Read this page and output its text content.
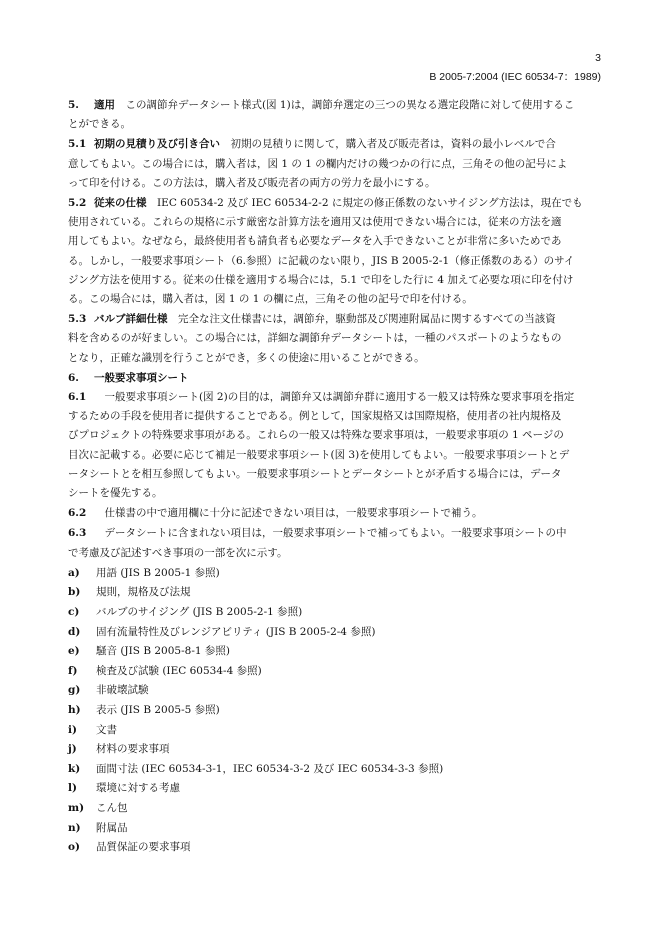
3
B 2005-7:2004 (IEC 60534-7：1989)
5. 適用　 この調節弁データシート様式(図 1)は，調節弁選定の三つの異なる選定段階に対して使用するこ
とができる。
5.1 初期の見積り及び引き合い　 初期の見積りに関して，購入者及び販売者は，資料の最小レベルで合
意してもよい。この場合には，購入者は，図 1 の 1 の欄内だけの幾つかの行に点，三角その他の記号によ
って印を付ける。この方法は，購入者及び販売者の両方の労力を最小にする。
5.2 従来の仕様　 IEC 60534-2 及び IEC 60534-2-2 に規定の修正係数のないサイジング方法は，現在でも
使用されている。これらの規格に示す厳密な計算方法を適用又は使用できない場合には，従来の方法を適
用してもよい。なぜなら，最終使用者も請負者も必要なデータを入手できないことが非常に多いためであ
る。しかし，一般要求事項シート（6.参照）に記載のない限り，JIS B 2005-2-1（修正係数のある）のサイ
ジング方法を使用する。従来の仕様を適用する場合には，5.1 で印をした行に 4 加えて必要な項に印を付け
る。この場合には，購入者は，図 1 の 1 の欄に点，三角その他の記号で印を付ける。
5.3 バルブ詳細仕様　 完全な注文仕様書には，調節弁，駆動部及び関連附属品に関するすべての当該資
料を含めるのが好ましい。この場合には，詳細な調節弁データシートは，一種のパスポートのようなもの
となり，正確な識別を行うことができ，多くの使途に用いることができる。
6. 一般要求事項シート
6.1　 一般要求事項シート(図 2)の目的は，調節弁又は調節弁群に適用する一般又は特殊な要求事項を指定
するための手段を使用者に提供することである。例として，国家規格又は国際規格，使用者の社内規格及
びプロジェクトの特殊要求事項がある。これらの一般又は特殊な要求事項は，一般要求事項の 1 ページの
目次に記載する。必要に応じて補足一般要求事項シート(図 3)を使用してもよい。一般要求事項シートとデ
ータシートとを相互参照してもよい。一般要求事項シートとデータシートとが矛盾する場合には，データ
シートを優先する。
6.2　 仕様書の中で適用欄に十分に記述できない項目は，一般要求事項シートで補う。
6.3　 データシートに含まれない項目は，一般要求事項シートで補ってもよい。一般要求事項シートの中
で考慮及び記述すべき事項の一部を次に示す。
a)	用語 (JIS B 2005-1 参照)
b)	規則，規格及び法規
c)	バルブのサイジング (JIS B 2005-2-1 参照)
d)	固有流量特性及びレンジアビリティ (JIS B 2005-2-4 参照)
e)	騒音 (JIS B 2005-8-1 参照)
f)	検査及び試験 (IEC 60534-4 参照)
g)	非破壊試験
h)	表示 (JIS B 2005-5 参照)
i)	文書
j)	材料の要求事項
k)	面間寸法 (IEC 60534-3-1，IEC 60534-3-2 及び IEC 60534-3-3 参照)
l)	環境に対する考慮
m)	こん包
n)	附属品
o)	品質保証の要求事項
